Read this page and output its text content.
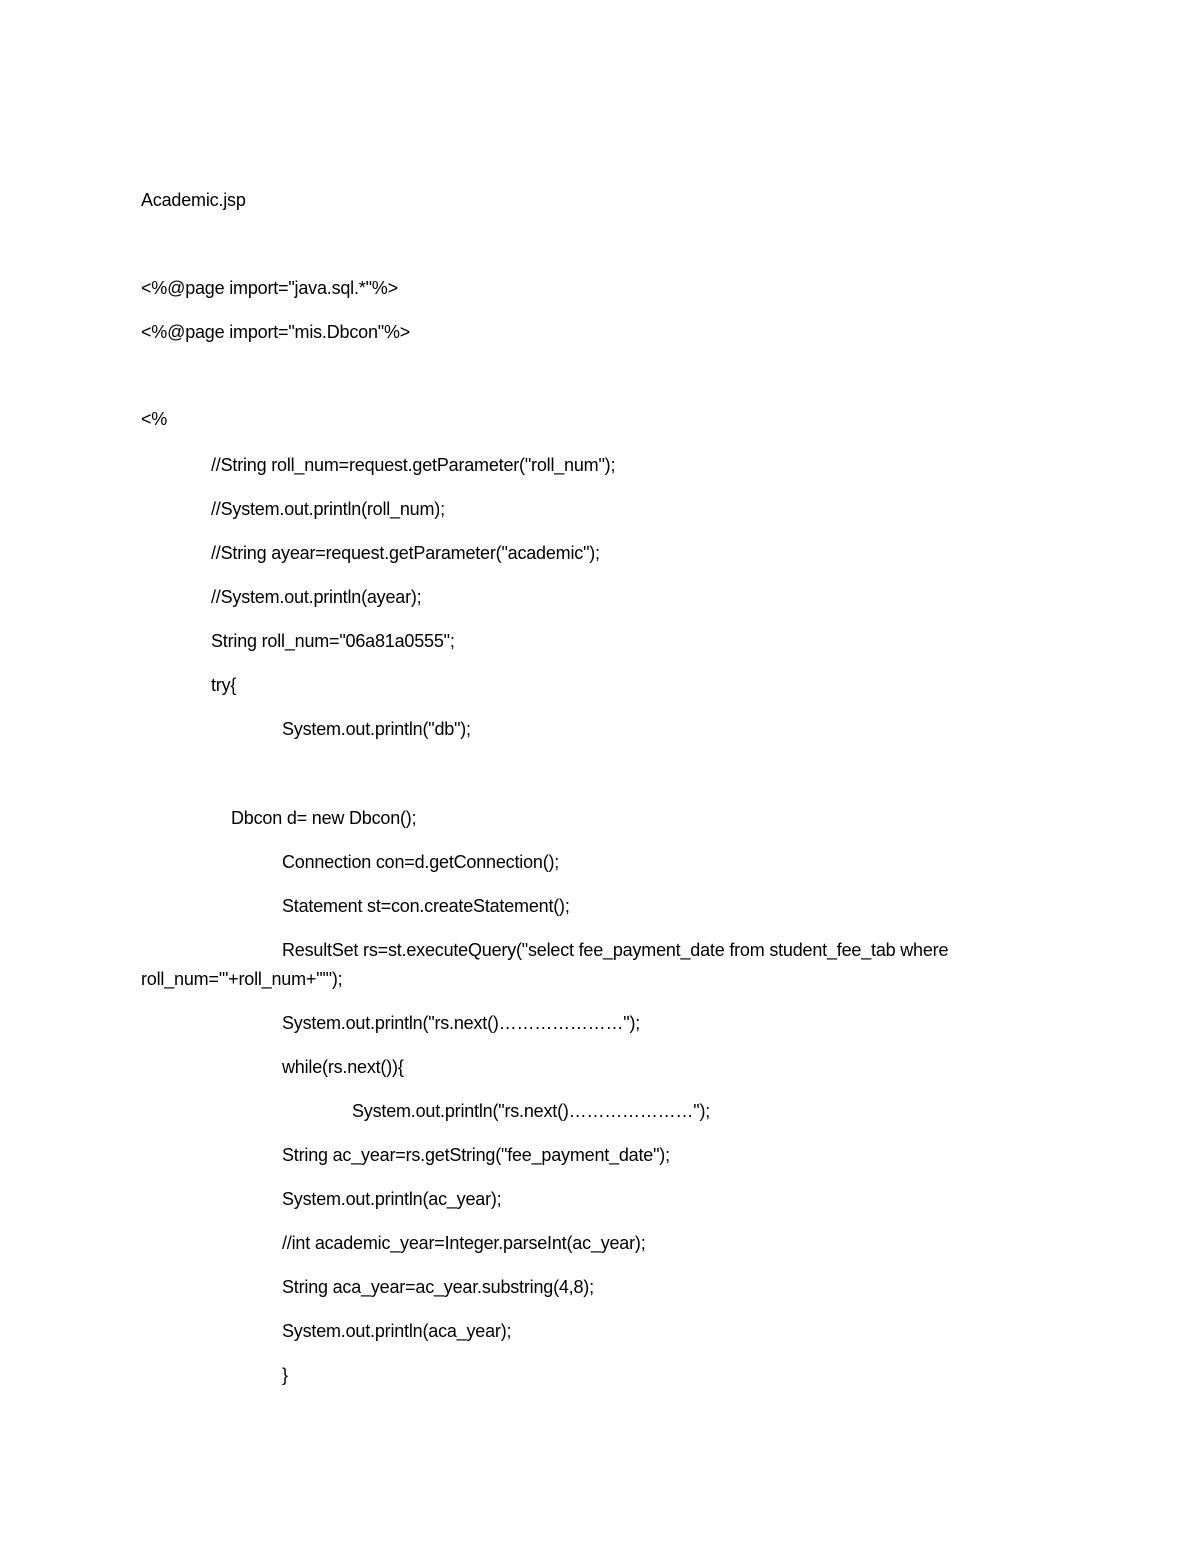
Academic.jsp
<%@page import="java.sql.*"%>
<%@page import="mis.Dbcon"%>
<%
//String roll_num=request.getParameter("roll_num");
//System.out.println(roll_num);
//String ayear=request.getParameter("academic");
//System.out.println(ayear);
String roll_num="06a81a0555";
try{
System.out.println("db");
Dbcon d= new Dbcon();
Connection con=d.getConnection();
Statement st=con.createStatement();
ResultSet rs=st.executeQuery("select fee_payment_date from student_fee_tab where
roll_num='"+roll_num+"'");
System.out.println("rs.next()…………………");
while(rs.next()){
System.out.println("rs.next()…………………");
String ac_year=rs.getString("fee_payment_date");
System.out.println(ac_year);
//int academic_year=Integer.parseInt(ac_year);
String aca_year=ac_year.substring(4,8);
System.out.println(aca_year);
}
